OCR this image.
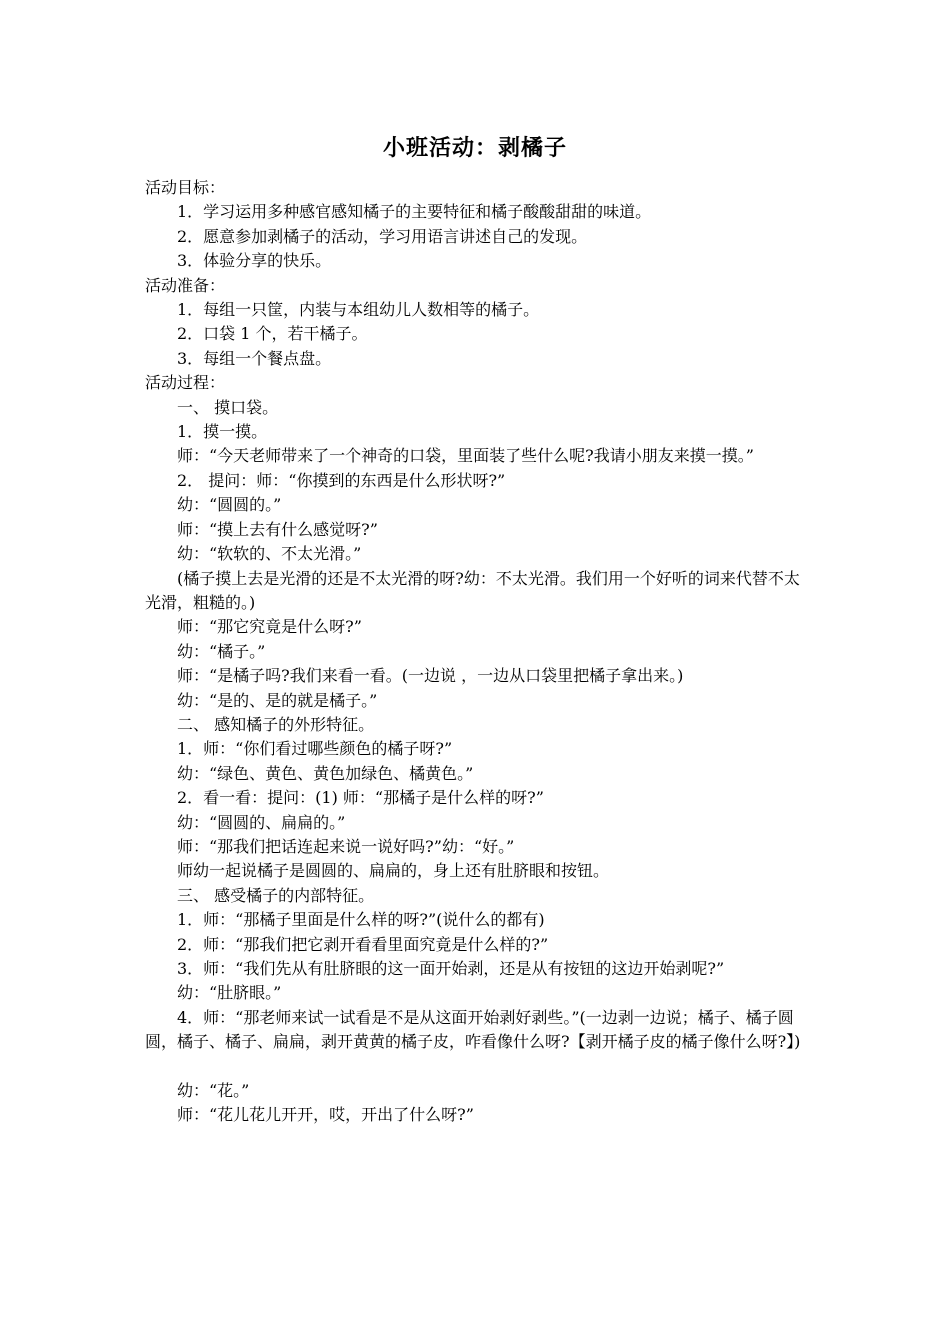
小班活动：剥橘子

活动目标：

1．学习运用多种感官感知橘子的主要特征和橘子酸酸甜甜的味道。

2．愿意参加剥橘子的活动，学习用语言讲述自己的发现。

3．体验分享的快乐。

活动准备：

1．每组一只筐，内装与本组幼儿人数相等的橘子。

2．口袋 1 个，若干橘子。

3．每组一个餐点盘。

活动过程：

一、 摸口袋。

1．摸一摸。

师：“今天老师带来了一个神奇的口袋，里面装了些什么呢?我请小朋友来摸一摸。”

2． 提问：师：“你摸到的东西是什么形状呀?”

幼：“圆圆的。”

师：“摸上去有什么感觉呀?”

幼：“软软的、不太光滑。”

(橘子摸上去是光滑的还是不太光滑的呀?幼：不太光滑。我们用一个好听的词来代替不太光滑，粗糙的。)

师：“那它究竟是什么呀?”

幼：“橘子。”

师：“是橘子吗?我们来看一看。(一边说 ，一边从口袋里把橘子拿出来。)

幼：“是的、是的就是橘子。”

二、 感知橘子的外形特征。

1．师：“你们看过哪些颜色的橘子呀?”

幼：“绿色、黄色、黄色加绿色、橘黄色。”

2．看一看：提问：(1) 师：“那橘子是什么样的呀?”

幼：“圆圆的、扁扁的。”

师：“那我们把话连起来说一说好吗?”幼：“好。”

师幼一起说橘子是圆圆的、扁扁的，身上还有肚脐眼和按钮。

三、 感受橘子的内部特征。

1．师：“那橘子里面是什么样的呀?”(说什么的都有)

2．师：“那我们把它剥开看看里面究竟是什么样的?”

3．师：“我们先从有肚脐眼的这一面开始剥，还是从有按钮的这边开始剥呢?”

幼：“肚脐眼。”

4．师：“那老师来试一试看是不是从这面开始剥好剥些。”(一边剥一边说；橘子、橘子圆圆，橘子、橘子、扁扁，剥开黄黄的橘子皮，咋看像什么呀?【剥开橘子皮的橘子像什么呀?】)

幼：“花。”

师：“花儿花儿开开，哎，开出了什么呀?”
